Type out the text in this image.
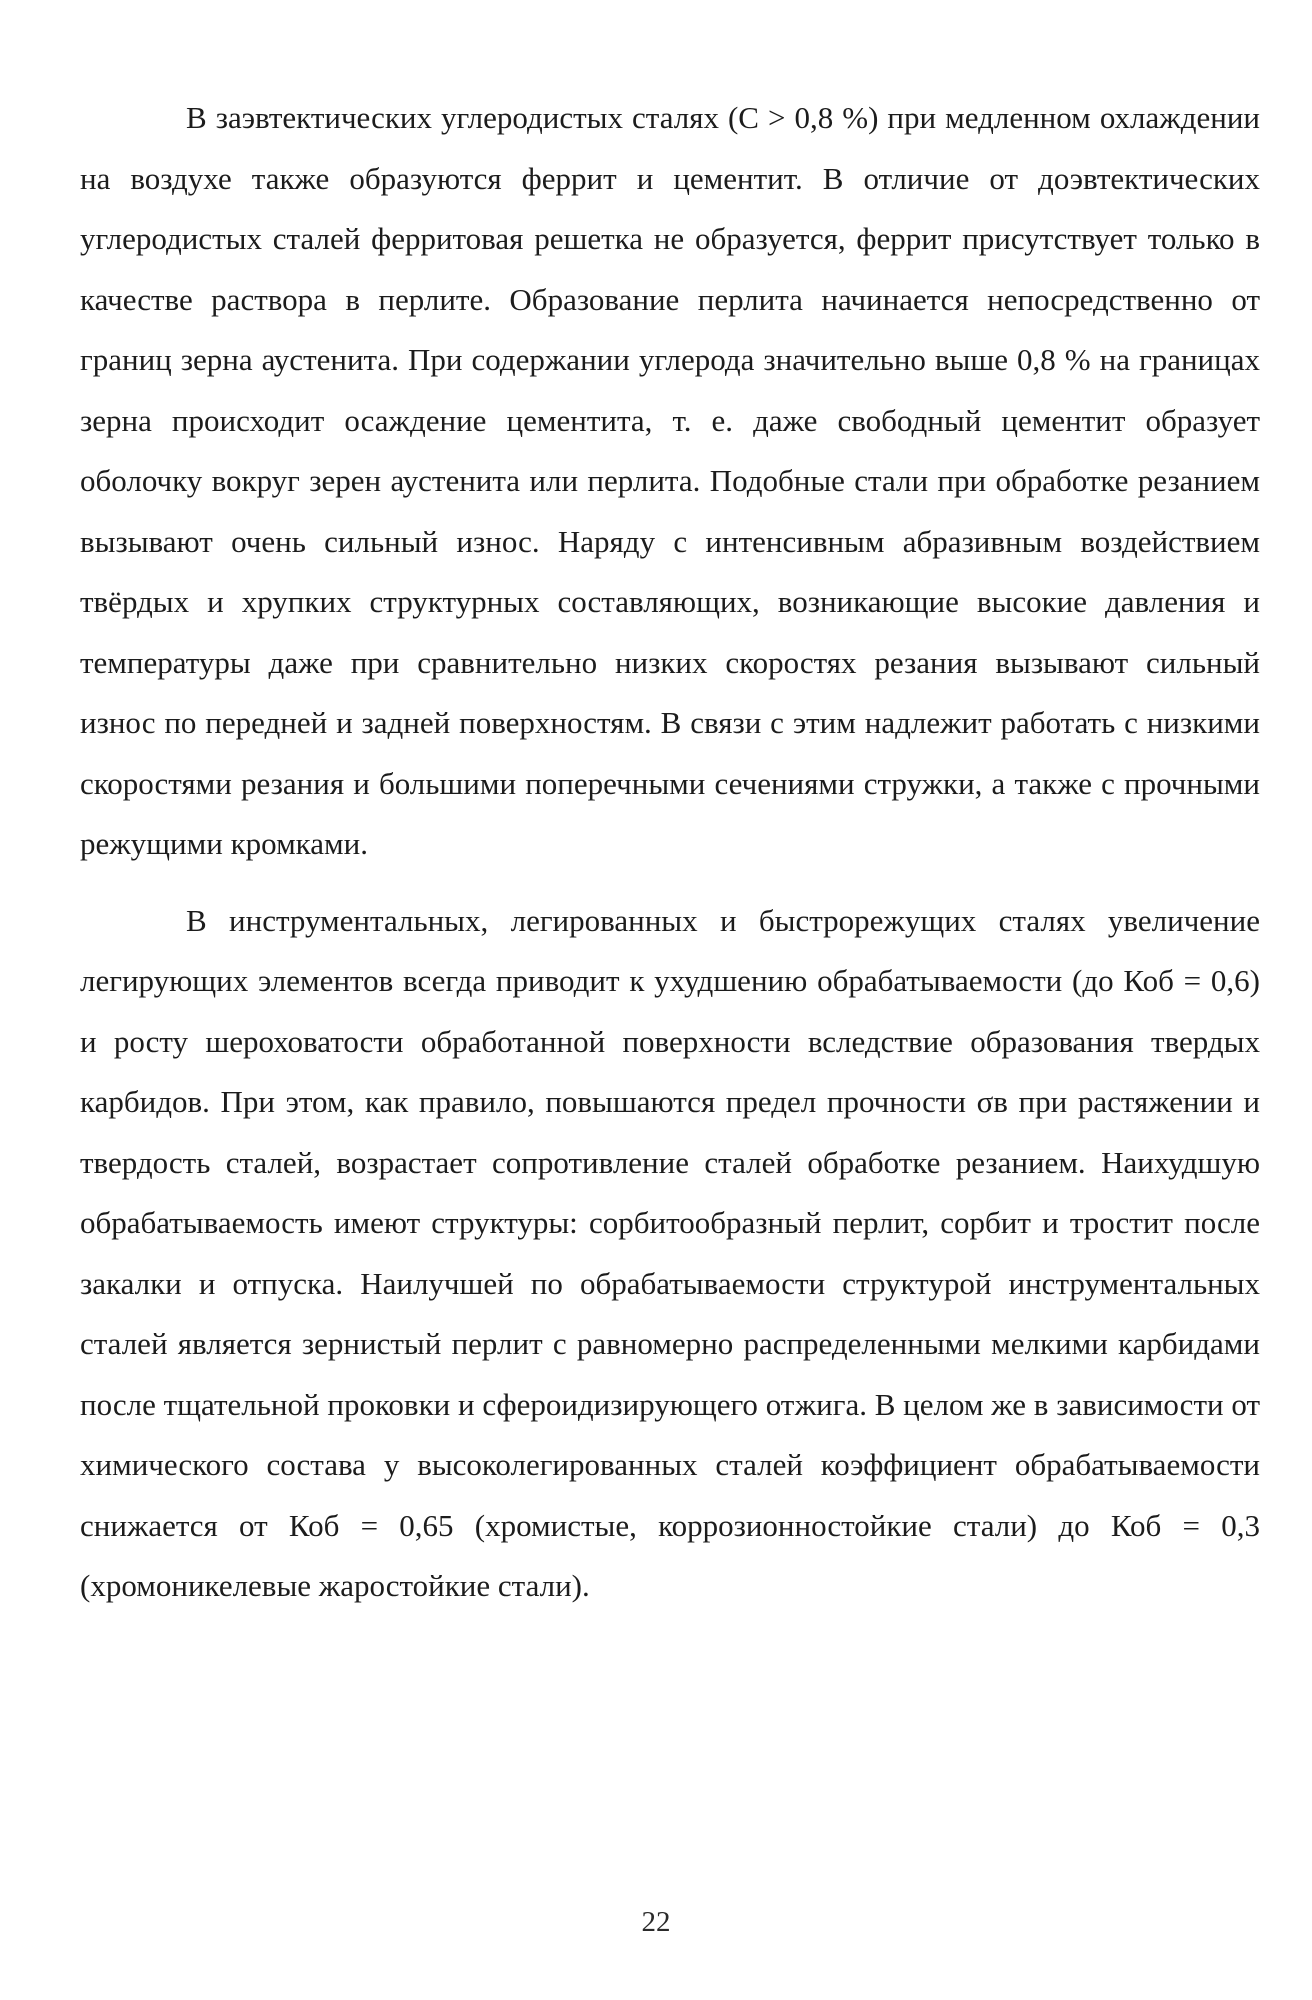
В заэвтектических углеродистых сталях (С > 0,8 %) при медленном охлаждении на воздухе также образуются феррит и цементит. В отличие от доэвтектических углеродистых сталей ферритовая решетка не образуется, феррит присутствует только в качестве раствора в перлите. Образование перлита начинается непосредственно от границ зерна аустенита. При содержании углерода значительно выше 0,8 % на границах зерна происходит осаждение цементита, т. е. даже свободный цементит образует оболочку вокруг зерен аустенита или перлита. Подобные стали при обработке резанием вызывают очень сильный износ. Наряду с интенсивным абразивным воздействием твёрдых и хрупких структурных составляющих, возникающие высокие давления и температуры даже при сравнительно низких скоростях резания вызывают сильный износ по передней и задней поверхностям. В связи с этим надлежит работать с низкими скоростями резания и большими поперечными сечениями стружки, а также с прочными режущими кромками.

В инструментальных, легированных и быстрорежущих сталях увеличение легирующих элементов всегда приводит к ухудшению обрабатываемости (до Коб = 0,6) и росту шероховатости обработанной поверхности вследствие образования твердых карбидов. При этом, как правило, повышаются предел прочности σв при растяжении и твердость сталей, возрастает сопротивление сталей обработке резанием. Наихудшую обрабатываемость имеют структуры: сорбитообразный перлит, сорбит и тростит после закалки и отпуска. Наилучшей по обрабатываемости структурой инструментальных сталей является зернистый перлит с равномерно распределенными мелкими карбидами после тщательной проковки и сфероидизирующего отжига. В целом же в зависимости от химического состава у высоколегированных сталей коэффициент обрабатываемости снижается от Коб = 0,65 (хромистые, коррозионностойкие стали) до Коб = 0,3 (хромоникелевые жаростойкие стали).

22
